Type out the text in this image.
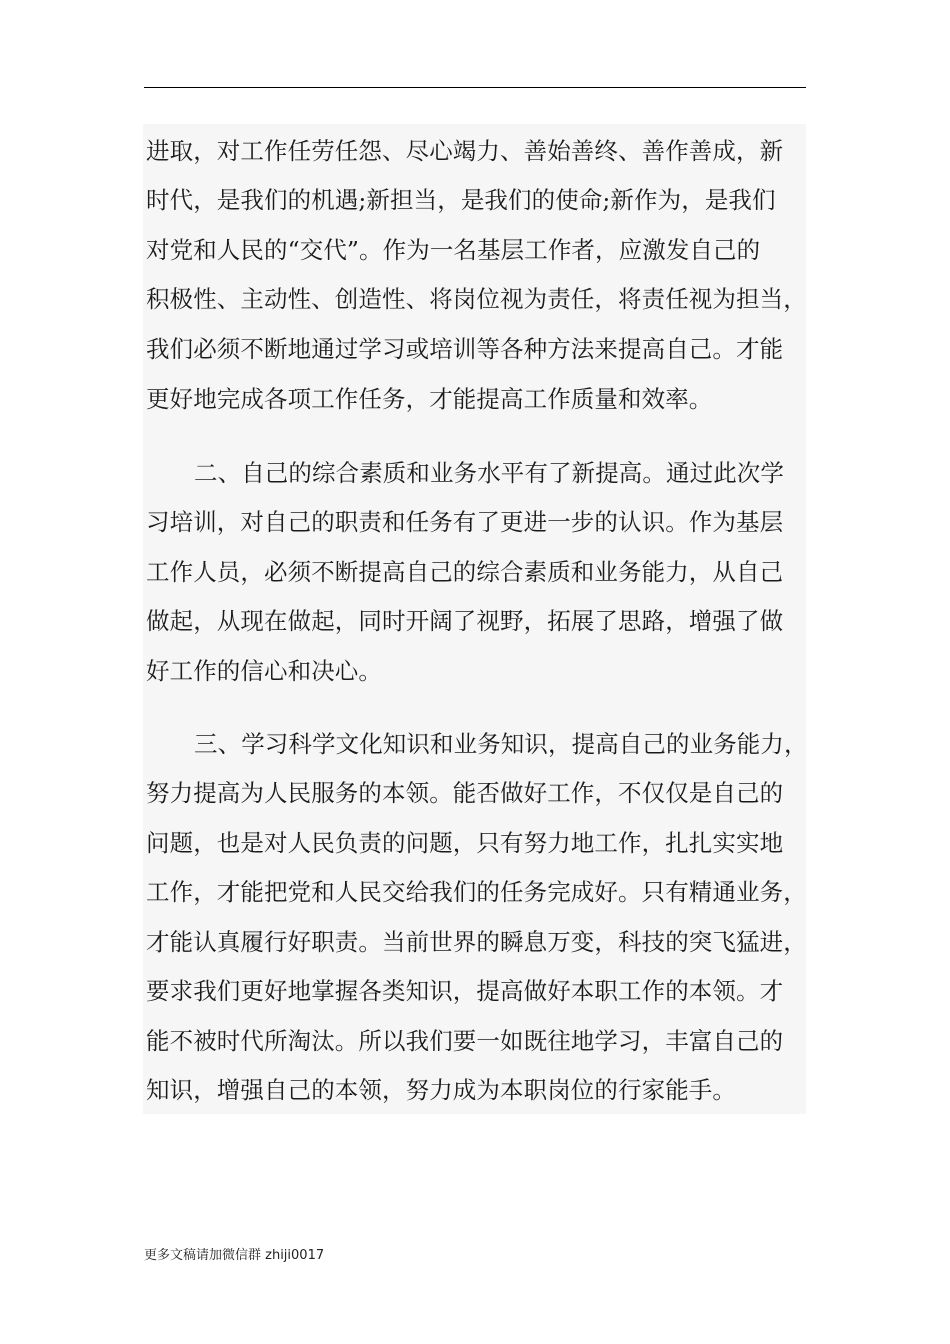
进取，对工作任劳任怨、尽心竭力、善始善终、善作善成，新
时代，是我们的机遇;新担当，是我们的使命;新作为，是我们
对党和人民的“交代”。作为一名基层工作者，应激发自己的
积极性、主动性、创造性、将岗位视为责任，将责任视为担当，
我们必须不断地通过学习或培训等各种方法来提高自己。才能
更好地完成各项工作任务，才能提高工作质量和效率。
二、自己的综合素质和业务水平有了新提高。通过此次学
习培训，对自己的职责和任务有了更进一步的认识。作为基层
工作人员，必须不断提高自己的综合素质和业务能力，从自己
做起，从现在做起，同时开阔了视野，拓展了思路，增强了做
好工作的信心和决心。
三、学习科学文化知识和业务知识，提高自己的业务能力，
努力提高为人民服务的本领。能否做好工作，不仅仅是自己的
问题，也是对人民负责的问题，只有努力地工作，扎扎实实地
工作，才能把党和人民交给我们的任务完成好。只有精通业务，
才能认真履行好职责。当前世界的瞬息万变，科技的突飞猛进，
要求我们更好地掌握各类知识，提高做好本职工作的本领。才
能不被时代所淘汰。所以我们要一如既往地学习，丰富自己的
知识，增强自己的本领，努力成为本职岗位的行家能手。
更多文稿请加微信群 zhiji0017
